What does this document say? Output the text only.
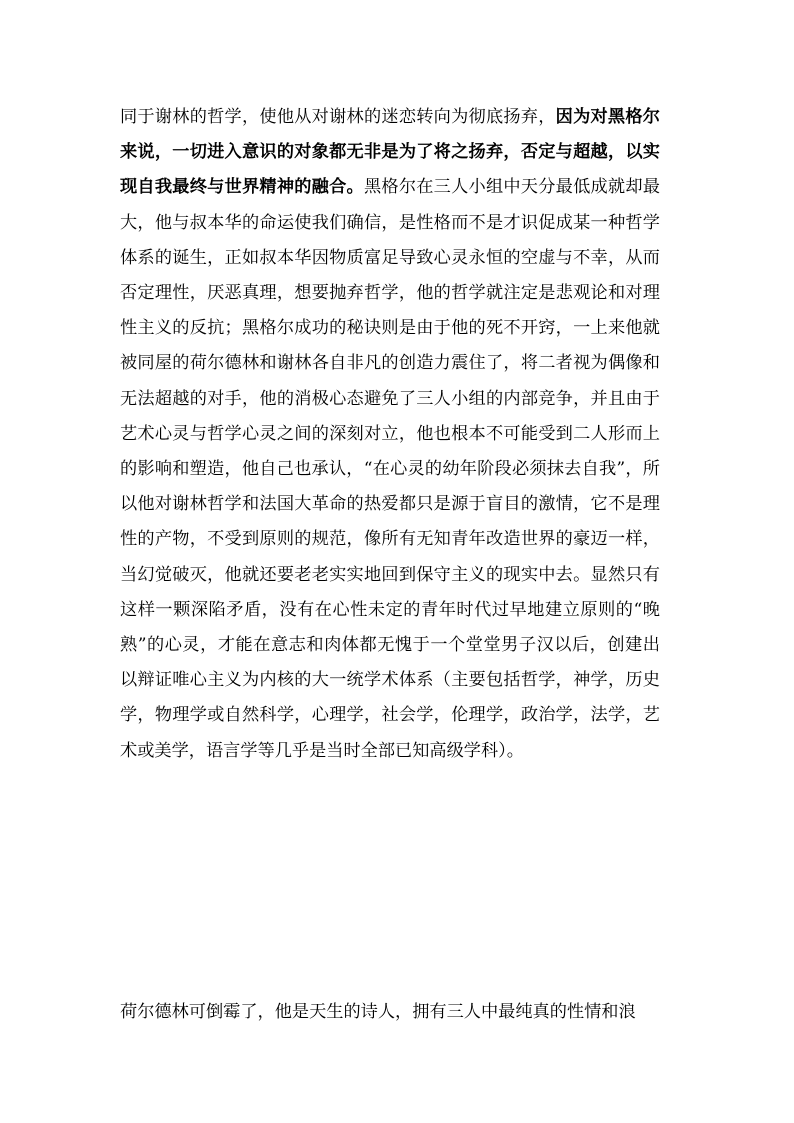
同于谢林的哲学，使他从对谢林的迷恋转向为彻底扬弃，因为对黑格尔来说，一切进入意识的对象都无非是为了将之扬弃，否定与超越，以实现自我最终与世界精神的融合。黑格尔在三人小组中天分最低成就却最大，他与叔本华的命运使我们确信，是性格而不是才识促成某一种哲学体系的诞生，正如叔本华因物质富足导致心灵永恒的空虚与不幸，从而否定理性，厌恶真理，想要抛弃哲学，他的哲学就注定是悲观论和对理性主义的反抗；黑格尔成功的秘诀则是由于他的死不开窍，一上来他就被同屋的荷尔德林和谢林各自非凡的创造力震住了，将二者视为偶像和无法超越的对手，他的消极心态避免了三人小组的内部竞争，并且由于艺术心灵与哲学心灵之间的深刻对立，他也根本不可能受到二人形而上的影响和塑造，他自己也承认，“在心灵的幼年阶段必须抹去自我”，所以他对谢林哲学和法国大革命的热爱都只是源于盲目的激情，它不是理性的产物，不受到原则的规范，像所有无知青年改造世界的豪迈一样，当幻觉破灭，他就还要老老实实地回到保守主义的现实中去。显然只有这样一颗深陷矛盾，没有在心性未定的青年时代过早地建立原则的“晚熟”的心灵，才能在意志和肉体都无愧于一个堂堂男子汉以后，创建出以辩证唯心主义为内核的大一统学术体系（主要包括哲学，神学，历史学，物理学或自然科学，心理学，社会学，伦理学，政治学，法学，艺术或美学，语言学等几乎是当时全部已知高级学科）。

荷尔德林可倒霉了，他是天生的诗人，拥有三人中最纯真的性情和浪
